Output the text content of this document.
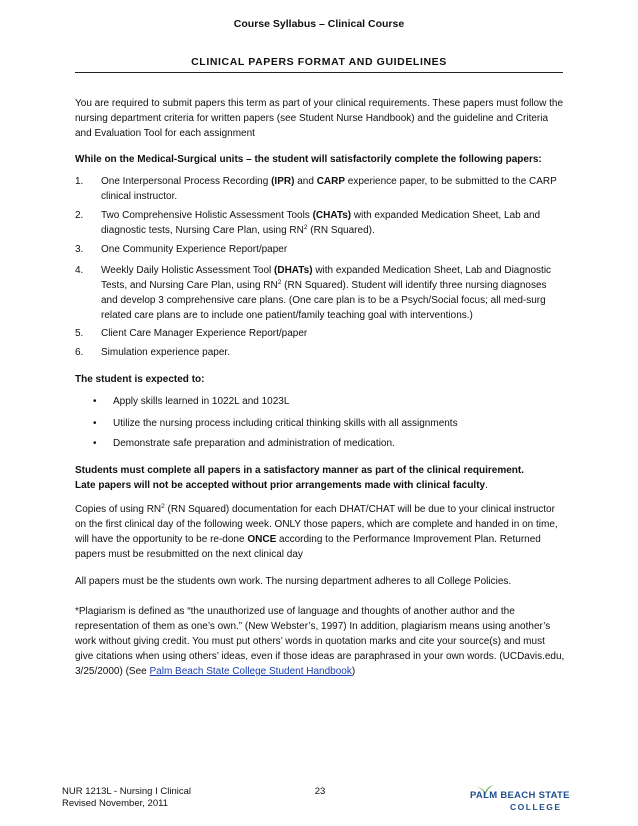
Course Syllabus – Clinical Course
CLINICAL PAPERS FORMAT AND GUIDELINES
You are required to submit papers this term as part of your clinical requirements. These papers must follow the nursing department criteria for written papers (see Student Nurse Handbook) and the guideline and Criteria and Evaluation Tool for each assignment
While on the Medical-Surgical units – the student will satisfactorily complete the following papers:
1. One Interpersonal Process Recording (IPR) and CARP experience paper, to be submitted to the CARP clinical instructor.
2. Two Comprehensive Holistic Assessment Tools (CHATs) with expanded Medication Sheet, Lab and diagnostic tests, Nursing Care Plan, using $RN^2$ (RN Squared).
3. One Community Experience Report/paper
4. Weekly Daily Holistic Assessment Tool (DHATs) with expanded Medication Sheet, Lab and Diagnostic Tests, and Nursing Care Plan, using $RN^2$ (RN Squared). Student will identify three nursing diagnoses and develop 3 comprehensive care plans. (One care plan is to be a Psych/Social focus; all med-surg related care plans are to include one patient/family teaching goal with interventions.)
5. Client Care Manager Experience Report/paper
6. Simulation experience paper.
The student is expected to:
• Apply skills learned in 1022L and 1023L
• Utilize the nursing process including critical thinking skills with all assignments
• Demonstrate safe preparation and administration of medication.
Students must complete all papers in a satisfactory manner as part of the clinical requirement.
Late papers will not be accepted without prior arrangements made with clinical faculty.
Copies of using $RN^2$ (RN Squared) documentation for each DHAT/CHAT will be due to your clinical instructor on the first clinical day of the following week. ONLY those papers, which are complete and handed in on time, will have the opportunity to be re-done ONCE according to the Performance Improvement Plan. Returned papers must be resubmitted on the next clinical day
All papers must be the students own work. The nursing department adheres to all College Policies.
*Plagiarism is defined as “the unauthorized use of language and thoughts of another author and the representation of them as one’s own.” (New Webster’s, 1997) In addition, plagiarism means using another’s work without giving credit. You must put others’ words in quotation marks and cite your source(s) and must give citations when using others’ ideas, even if those ideas are paraphrased in your own words. (UCDavis.edu, 3/25/2000) (See Palm Beach State College Student Handbook)
NUR 1213L - Nursing I Clinical
Revised November, 2011
23	PALM BEACH STATE
COLLEGE
